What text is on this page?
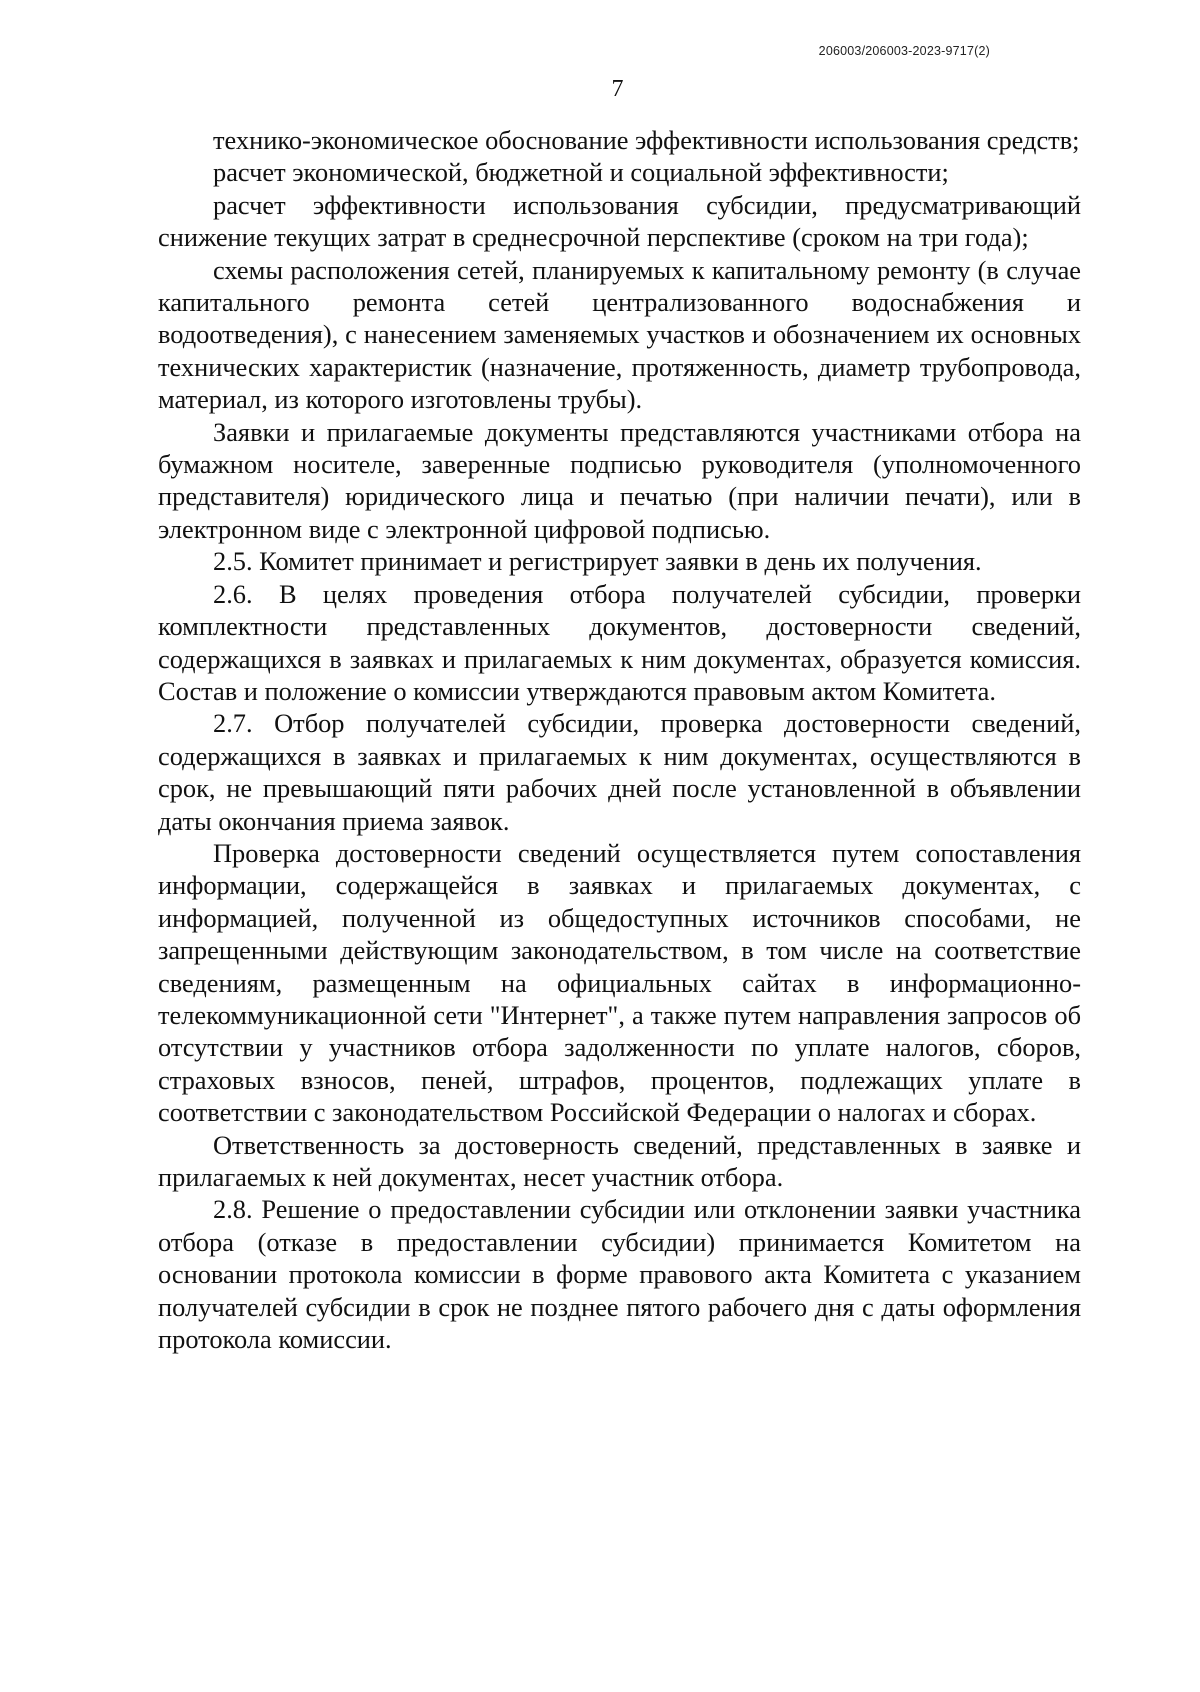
206003/206003-2023-9717(2)
7

технико-экономическое обоснование эффективности использования средств;

расчет экономической, бюджетной и социальной эффективности;

расчет эффективности использования субсидии, предусматривающий снижение текущих затрат в среднесрочной перспективе (сроком на три года);

схемы расположения сетей, планируемых к капитальному ремонту (в случае капитального ремонта сетей централизованного водоснабжения и водоотведения), с нанесением заменяемых участков и обозначением их основных технических характеристик (назначение, протяженность, диаметр трубопровода, материал, из которого изготовлены трубы).

Заявки и прилагаемые документы представляются участниками отбора на бумажном носителе, заверенные подписью руководителя (уполномоченного представителя) юридического лица и печатью (при наличии печати), или в электронном виде с электронной цифровой подписью.

2.5. Комитет принимает и регистрирует заявки в день их получения.

2.6. В целях проведения отбора получателей субсидии, проверки комплектности представленных документов, достоверности сведений, содержащихся в заявках и прилагаемых к ним документах, образуется комиссия. Состав и положение о комиссии утверждаются правовым актом Комитета.

2.7. Отбор получателей субсидии, проверка достоверности сведений, содержащихся в заявках и прилагаемых к ним документах, осуществляются в срок, не превышающий пяти рабочих дней после установленной в объявлении даты окончания приема заявок.

Проверка достоверности сведений осуществляется путем сопоставления информации, содержащейся в заявках и прилагаемых документах, с информацией, полученной из общедоступных источников способами, не запрещенными действующим законодательством, в том числе на соответствие сведениям, размещенным на официальных сайтах в информационно-телекоммуникационной сети "Интернет", а также путем направления запросов об отсутствии у участников отбора задолженности по уплате налогов, сборов, страховых взносов, пеней, штрафов, процентов, подлежащих уплате в соответствии с законодательством Российской Федерации о налогах и сборах.

Ответственность за достоверность сведений, представленных в заявке и прилагаемых к ней документах, несет участник отбора.

2.8. Решение о предоставлении субсидии или отклонении заявки участника отбора (отказе в предоставлении субсидии) принимается Комитетом на основании протокола комиссии в форме правового акта Комитета с указанием получателей субсидии в срок не позднее пятого рабочего дня с даты оформления протокола комиссии.
